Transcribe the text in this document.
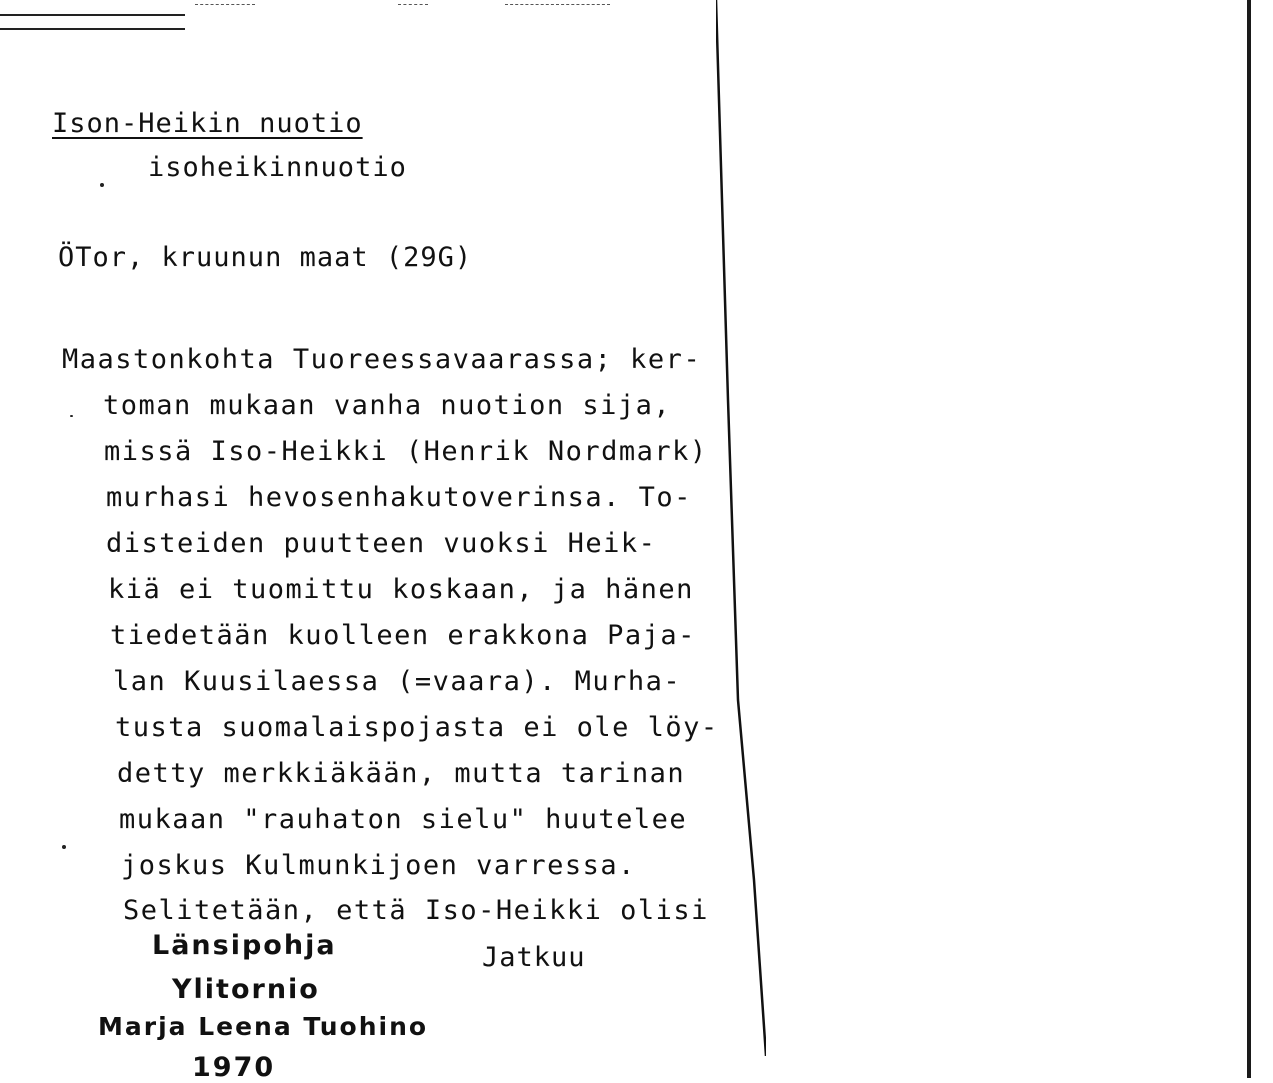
Ison-Heikin nuotio
isoheikinnuotio
ÖTor, kruunun maat (29G)
Maastonkohta Tuoreessavaarassa; ker-
toman mukaan vanha nuotion sija,
missä Iso-Heikki (Henrik Nordmark)
murhasi hevosenhakutoverinsa. To-
disteiden puutteen vuoksi Heik-
kiä ei tuomittu koskaan, ja hänen
tiedetään kuolleen erakkona Paja-
lan Kuusilaessa (=vaara). Murha-
tusta suomalaispojasta ei ole löy-
detty merkkiäkään, mutta tarinan
mukaan "rauhaton sielu" huutelee
joskus Kulmunkijoen varressa.
Selitetään, että Iso-Heikki olisi
Jatkuu
Länsipohja
Ylitornio
Marja Leena Tuohino
1970
